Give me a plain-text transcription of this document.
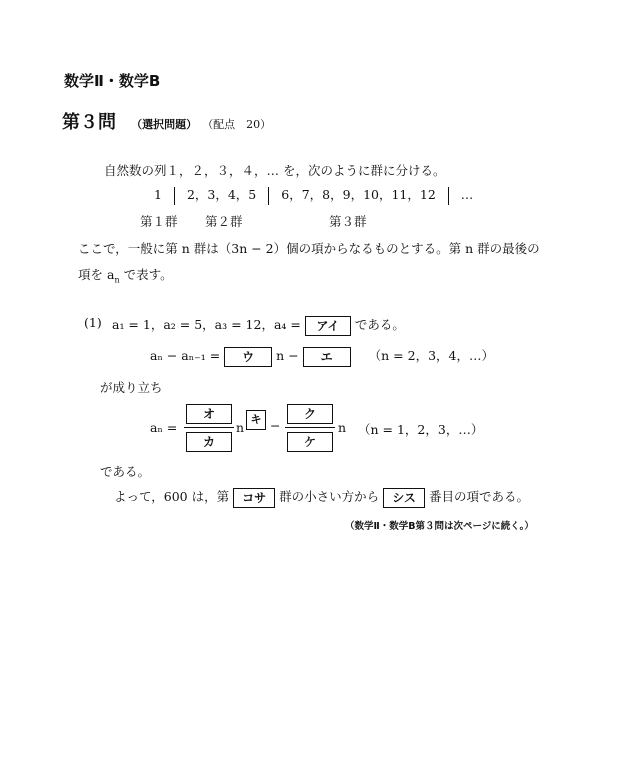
数学Ⅱ・数学B
第３問 （選択問題） （配点　20）
自然数の列１，２，３，４，… を，次のように群に分ける。
1 2，3，4，5 6，7，8，9，10，11，12 …
第１群 第２群	第３群
ここで，一般に第 n 群は（3n − 2）個の項からなるものとする。第 n 群の最後の
項を $a_n$ で表す。
(1) a₁ = 1，a₂ = 5，a₃ = 12，a₄ = アイ である。
aₙ − aₙ₋₁ = ウ n − エ	（n = 2，3，4，…）
が成り立ち
aₙ =
オ
カ
n
キ −
ク
ケ
n （n = 1，2，3，…）
である。
よって，600 は，第 コサ 群の小さい方から シス 番目の項である。
（数学Ⅱ・数学B第３問は次ページに続く。）
